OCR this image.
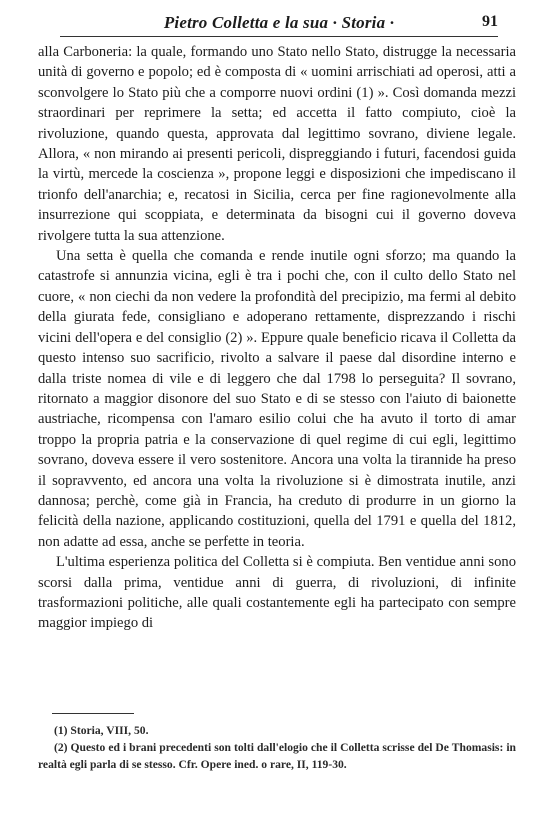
Pietro Colletta e la sua · Storia ·	91

alla Carboneria: la quale, formando uno Stato nello Stato, distrugge la necessaria unità di governo e popolo; ed è composta di « uomini arrischiati ad operosi, atti a sconvolgere lo Stato più che a comporre nuovi ordini (1) ». Così domanda mezzi straordinari per reprimere la setta; ed accetta il fatto compiuto, cioè la rivoluzione, quando questa, approvata dal legittimo sovrano, diviene legale. Allora, « non mirando ai presenti pericoli, dispreggiando i futuri, facendosi guida la virtù, mercede la coscienza », propone leggi e disposizioni che impediscano il trionfo dell'anarchia; e, recatosi in Sicilia, cerca per fine ragionevolmente alla insurrezione qui scoppiata, e determinata da bisogni cui il governo doveva rivolgere tutta la sua attenzione.

Una setta è quella che comanda e rende inutile ogni sforzo; ma quando la catastrofe si annunzia vicina, egli è tra i pochi che, con il culto dello Stato nel cuore, « non ciechi da non vedere la profondità del precipizio, ma fermi al debito della giurata fede, consigliano e adoperano rettamente, disprezzando i rischi vicini dell'opera e del consiglio (2) ». Eppure quale beneficio ricava il Colletta da questo intenso suo sacrificio, rivolto a salvare il paese dal disordine interno e dalla triste nomea di vile e di leggero che dal 1798 lo perseguita? Il sovrano, ritornato a maggior disonore del suo Stato e di se stesso con l'aiuto di baionette austriache, ricompensa con l'amaro esilio colui che ha avuto il torto di amar troppo la propria patria e la conservazione di quel regime di cui egli, legittimo sovrano, doveva essere il vero sostenitore. Ancora una volta la tirannide ha preso il sopravvento, ed ancora una volta la rivoluzione si è dimostrata inutile, anzi dannosa; perchè, come già in Francia, ha creduto di produrre in un giorno la felicità della nazione, applicando costituzioni, quella del 1791 e quella del 1812, non adatte ad essa, anche se perfette in teoria.

L'ultima esperienza politica del Colletta si è compiuta. Ben ventidue anni sono scorsi dalla prima, ventidue anni di guerra, di rivoluzioni, di infinite trasformazioni politiche, alle quali costantemente egli ha partecipato con sempre maggior impiego di

(1) Storia, VIII, 50.

(2) Questo ed i brani precedenti son tolti dall'elogio che il Colletta scrisse del De Thomasis: in realtà egli parla di se stesso. Cfr. Opere ined. o rare, II, 119-30.
